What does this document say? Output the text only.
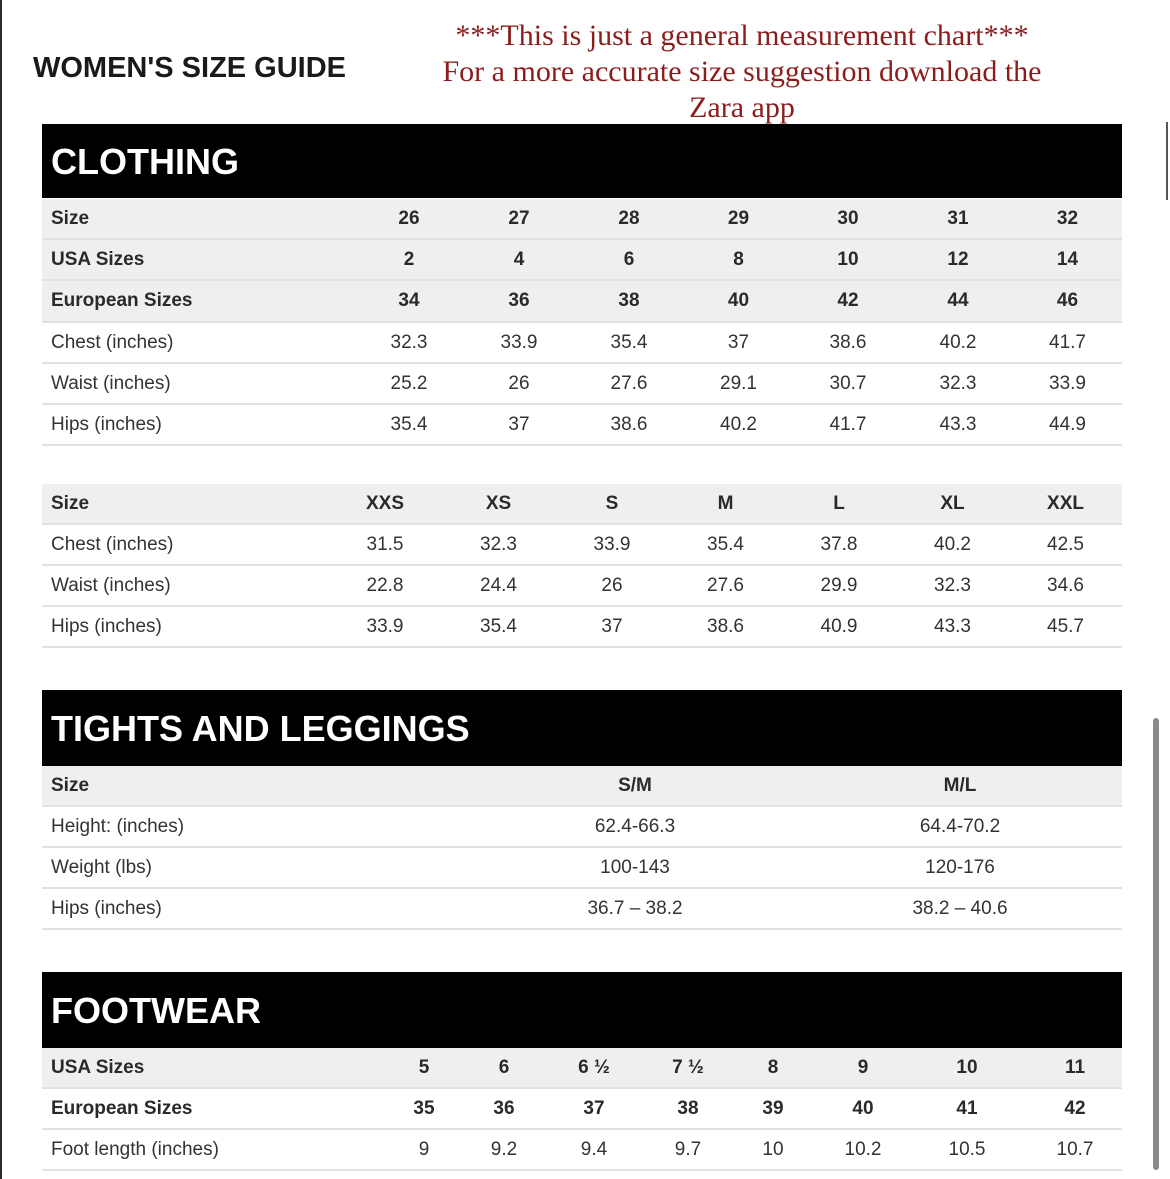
WOMEN'S SIZE GUIDE
***This is just a general measurement chart***
For a more accurate size suggestion download the
Zara app
CLOTHING
Size	26	27	28	29	30	31	32
USA Sizes	2	4	6	8	10	12	14
European Sizes	34	36	38	40	42	44	46
Chest (inches)	32.3	33.9	35.4	37	38.6	40.2	41.7
Waist (inches)	25.2	26	27.6	29.1	30.7	32.3	33.9
Hips (inches)	35.4	37	38.6	40.2	41.7	43.3	44.9
Size	XXS	XS	S	M	L	XL	XXL
Chest (inches)	31.5	32.3	33.9	35.4	37.8	40.2	42.5
Waist (inches)	22.8	24.4	26	27.6	29.9	32.3	34.6
Hips (inches)	33.9	35.4	37	38.6	40.9	43.3	45.7
TIGHTS AND LEGGINGS
Size	S/M	M/L
Height: (inches)	62.4-66.3	64.4-70.2
Weight (lbs)	100-143	120-176
Hips (inches)	36.7 – 38.2	38.2 – 40.6
FOOTWEAR
USA Sizes	5	6	6 ½	7 ½	8	9	10	11
European Sizes	35	36	37	38	39	40	41	42
Foot length (inches)	9	9.2	9.4	9.7	10	10.2	10.5	10.7
